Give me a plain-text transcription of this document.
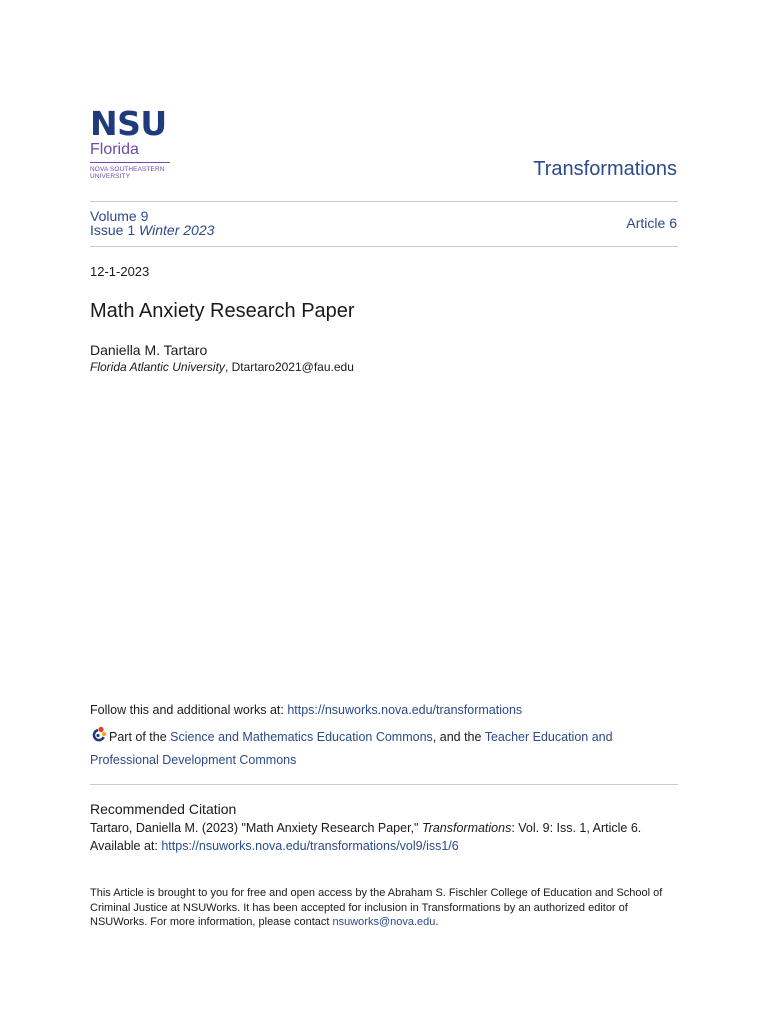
NSU
Florida
NOVA SOUTHEASTERN
UNIVERSITY	Transformations
Volume 9
Issue 1 Winter 2023	Article 6
12-1-2023
Math Anxiety Research Paper
Daniella M. Tartaro
Florida Atlantic University, Dtartaro2021@fau.edu
Follow this and additional works at: https://nsuworks.nova.edu/transformations
Part of the Science and Mathematics Education Commons, and the Teacher Education and Professional Development Commons
Recommended Citation
Tartaro, Daniella M. (2023) "Math Anxiety Research Paper," Transformations: Vol. 9: Iss. 1, Article 6.
Available at: https://nsuworks.nova.edu/transformations/vol9/iss1/6
This Article is brought to you for free and open access by the Abraham S. Fischler College of Education and School of Criminal Justice at NSUWorks. It has been accepted for inclusion in Transformations by an authorized editor of NSUWorks. For more information, please contact nsuworks@nova.edu.
